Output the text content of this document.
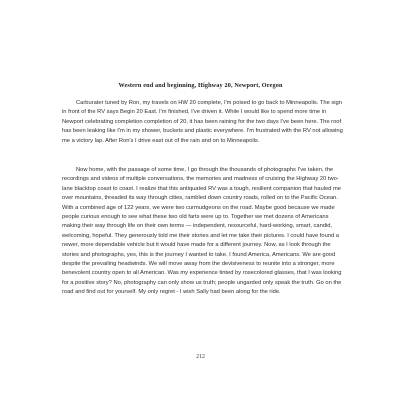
Western end and beginning, Highway 20, Newport, Oregon

Carburater tuned by Ron, my travels on HW 20 complete, I'm poised to go back to Minneapolis. The sign in front of the RV says Begin 20 East. I'm finished, I've driven it. While I would like to spend more time in Newport celebrating completion completion of 20, it has been raining for the two days I've been here. The roof has been leaking like I'm in my shower, buckets and plastic everywhere. I'm frustrated with the RV not allowing me a victory lap. After Ron's I drive east out of the rain and on to Minneapolis.

Now home, with the passage of some time, I go through the thousands of photographs I've taken, the recordings and videos of multiple conversations, the memories and madness of cruising the Highway 20 two-lane blacktop coast to coast. I realize that this antiquated RV was a tough, resilient companion that hauled me over mountains, threaded its way through cities, rambled down country roads, rolled on to the Pacific Ocean. With a combined age of 122 years, we were two curmudgeons on the road. Maybe good because we made people curious enough to see what these two old farts were up to. Together we met dozens of Americans making their way through life on their own terms — independent, resourceful, hard-working, smart, candid, welcoming, hopeful. They generously told me their stories and let me take their pictures. I could have found a newer, more dependable vehicle but it would have made for a different journey. Now, as I look through the stories and photographs, yes, this is the journey I wanted to take. I found America, Americans. We are good despite the prevailing headwinds. We will move away from the devisiveness to reunite into a stronger, more benevolent country open to all American. Was my experience tinted by rosecolored glasses, that I was looking for a positive story? No, photography can only show us truth; people ungarded only speak the truth. Go on the road and find out for yourself. My only regret - I wish Sally had been along for the ride.

212
